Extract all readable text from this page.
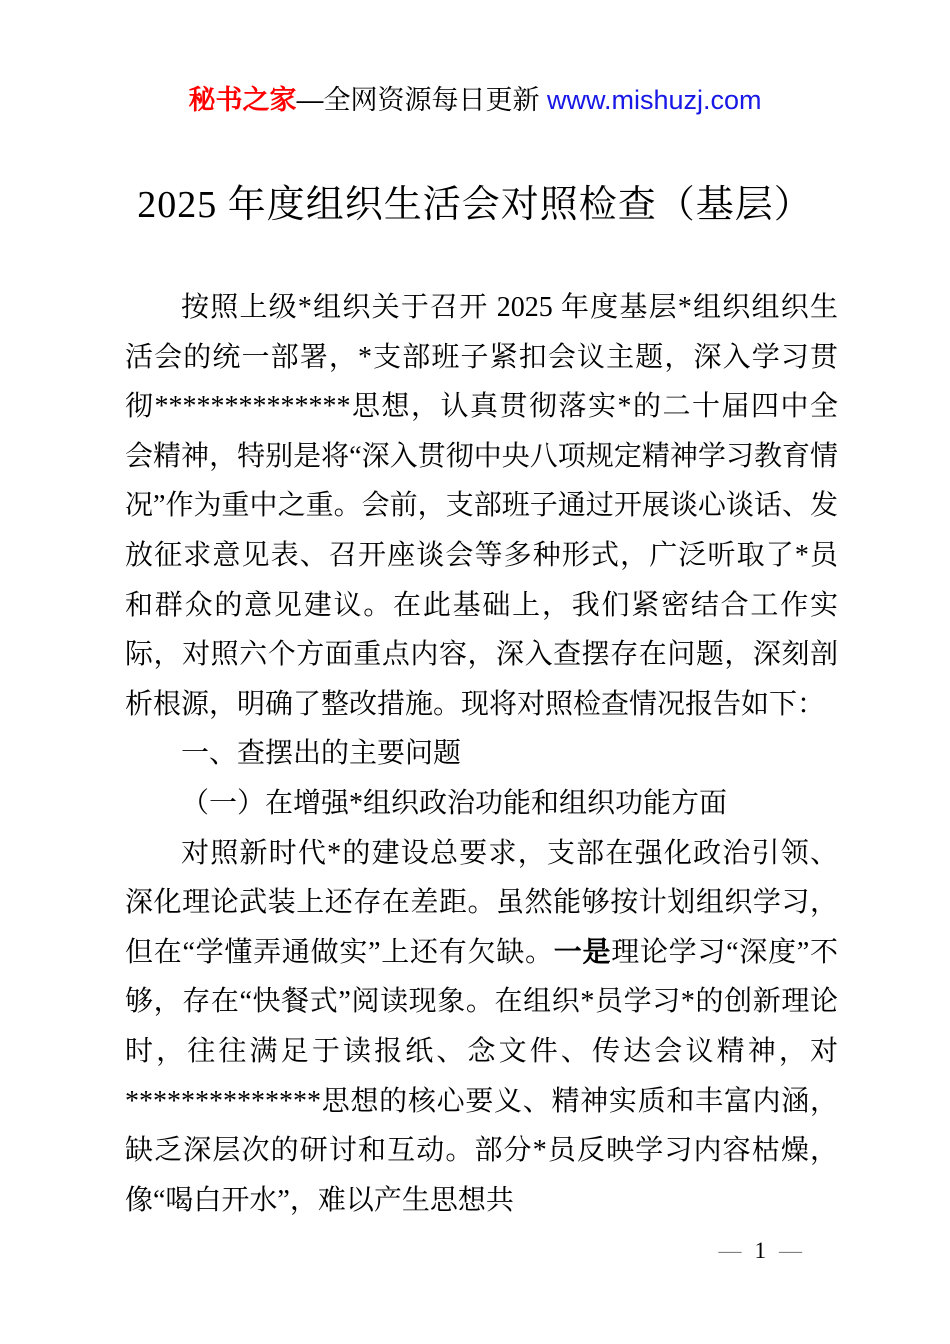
秘书之家—全网资源每日更新 www.mishuzj.com
2025 年度组织生活会对照检查（基层）

按照上级*组织关于召开 2025 年度基层*组织组织生活会的统一部署，*支部班子紧扣会议主题，深入学习贯彻**************思想，认真贯彻落实*的二十届四中全会精神，特别是将“深入贯彻中央八项规定精神学习教育情况”作为重中之重。会前，支部班子通过开展谈心谈话、发放征求意见表、召开座谈会等多种形式，广泛听取了*员和群众的意见建议。在此基础上，我们紧密结合工作实际，对照六个方面重点内容，深入查摆存在问题，深刻剖析根源，明确了整改措施。现将对照检查情况报告如下：

一、查摆出的主要问题

（一）在增强*组织政治功能和组织功能方面

对照新时代*的建设总要求，支部在强化政治引领、深化理论武装上还存在差距。虽然能够按计划组织学习，但在“学懂弄通做实”上还有欠缺。一是理论学习“深度”不够，存在“快餐式”阅读现象。在组织*员学习*的创新理论时，往往满足于读报纸、念文件、传达会议精神，对**************思想的核心要义、精神实质和丰富内涵，缺乏深层次的研讨和互动。部分*员反映学习内容枯燥，像“喝白开水”，难以产生思想共

— 1 —
